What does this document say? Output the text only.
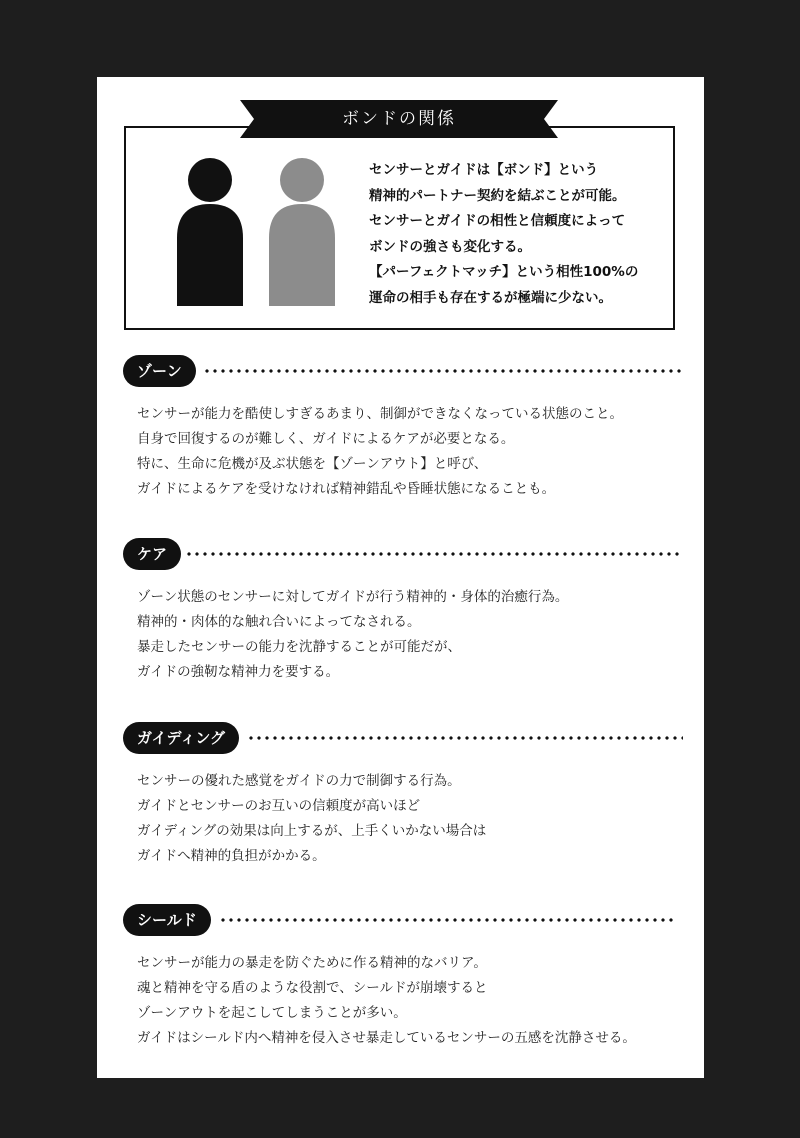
ボンドの関係
センサーとガイドは【ボンド】という
精神的パートナー契約を結ぶことが可能。
センサーとガイドの相性と信頼度によって
ボンドの強さも変化する。
【パーフェクトマッチ】という相性100%の
運命の相手も存在するが極端に少ない。
ゾーン
センサーが能力を酷使しすぎるあまり、制御ができなくなっている状態のこと。
自身で回復するのが難しく、ガイドによるケアが必要となる。
特に、生命に危機が及ぶ状態を【ゾーンアウト】と呼び、
ガイドによるケアを受けなければ精神錯乱や昏睡状態になることも。
ケア
ゾーン状態のセンサーに対してガイドが行う精神的・身体的治癒行為。
精神的・肉体的な触れ合いによってなされる。
暴走したセンサーの能力を沈静することが可能だが、
ガイドの強靭な精神力を要する。
ガイディング
センサーの優れた感覚をガイドの力で制御する行為。
ガイドとセンサーのお互いの信頼度が高いほど
ガイディングの効果は向上するが、上手くいかない場合は
ガイドへ精神的負担がかかる。
シールド
センサーが能力の暴走を防ぐために作る精神的なバリア。
魂と精神を守る盾のような役割で、シールドが崩壊すると
ゾーンアウトを起こしてしまうことが多い。
ガイドはシールド内へ精神を侵入させ暴走しているセンサーの五感を沈静させる。
